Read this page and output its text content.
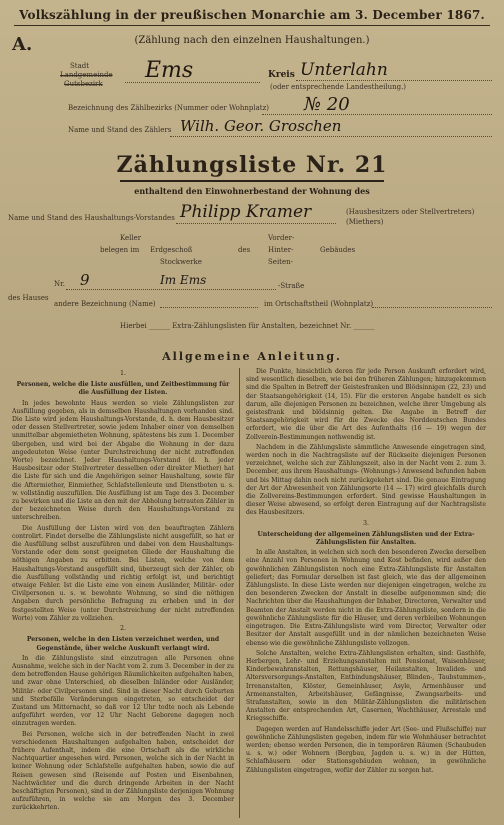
Volkszählung in der preußischen Monarchie am 3. December 1867.
A.	(Zählung nach den einzelnen Haushaltungen.)
Stadt
Landgemeinde
Gutsbezirk
Ems	Kreis Unterlahn
(oder entsprechende Landestheilung.)
Bezeichnung des Zählbezirks (Nummer oder Wohnplatz) № 20
Name und Stand des Zählers Wilh. Geor. Groschen
Zählungsliste Nr. 21
enthaltend den Einwohnerbestand der Wohnung des
Name und Stand des Haushaltungs-Vorstandes Philipp Kramer	(Hausbesitzers oder Stellvertreters)
(Miethers)
Keller
belegen im Erdgeschoß
Stockwerke
des
Vorder-
Hinter-
Seiten-
Gebäudes
des Hauses
Nr. 9	Im Ems	-Straße
andere Bezeichnung (Name)	im Ortschaftstheil (Wohnplatz)
Hierbei ______ Extra-Zählungslisten für Anstalten, bezeichnet Nr. ______
Allgemeine Anleitung.
1.
Personen, welche die Liste ausfüllen, und Zeitbestimmung für die Ausfüllung der Listen.

In jedes bewohnte Haus werden so viele Zählungslisten zur Ausfüllung gegeben, als in demselben Haushaltungen vorhanden sind. Die Liste wird jedem Haushaltungs-Vorstande, d. h. dem Hausbesitzer oder dessen Stellvertreter, sowie jedem Inhaber einer von demselben unmittelbar abgemietheten Wohnung, spätestens bis zum 1. December übergeben, und wird bei der Abgabe die Wohnung in der dazu angedeuteten Weise (unter Durchstreichung der nicht zutreffenden Worte) bezeichnet. Jeder Haushaltungs-Vorstand (d. h. jeder Hausbesitzer oder Stellvertreter desselben oder direkter Miether) hat die Liste für sich und die Angehörigen seiner Haushaltung, sowie für die Aftermiether, Einmiether, Schlafstellenleute und Dienstboten u. s. w. vollständig auszufüllen. Die Ausfüllung ist am Tage des 3. December zu bewirken und die Liste an den mit der Abholung betrauten Zähler in der bezeichneten Weise durch den Haushaltungs-Vorstand zu unterschreiben.

Die Ausfüllung der Listen wird von den beauftragten Zählern controlirt. Findet derselbe die Zählungsliste nicht ausgefüllt, so hat er die Ausfüllung selbst auszuführen und dabei von dem Haushaltungs-Vorstande oder dem sonst geeigneten Gliede der Haushaltung die nöthigen Angaben zu erbitten. Bei Listen, welche von dem Haushaltungs-Vorstand ausgefüllt sind, überzeugt sich der Zähler, ob die Ausfüllung vollständig und richtig erfolgt ist, und berichtigt etwaige Fehler. Ist die Liste eine von einem Ausländer, Militär- oder Civilpersonen u. s. w. bewohnte Wohnung, so sind die nöthigen Angaben durch persönliche Befragung zu erheben und in der festgestellten Weise (unter Durchstreichung der nicht zutreffenden Worte) vom Zähler zu vollziehen.

2.
Personen, welche in den Listen verzeichnet werden, und Gegenstände, über welche Auskunft verlangt wird.

In die Zählungsliste sind einzutragen alle Personen ohne Ausnahme, welche sich in der Nacht vom 2. zum 3. December in der zu dem betreffenden Hause gehörigen Räumlichkeiten aufgehalten haben, und zwar ohne Unterschied, ob dieselben Inländer oder Ausländer, Militär- oder Civilpersonen sind. Sind in dieser Nacht durch Geburten und Sterbefälle Veränderungen eingetreten, so entscheidet der Zustand um Mitternacht, so daß vor 12 Uhr todte noch als Lebende aufgeführt werden, vor 12 Uhr Nacht Geborene dagegen noch einzutragen werden.

Bei Personen, welche sich in der betreffenden Nacht in zwei verschiedenen Haushaltungen aufgehalten haben, entscheidet der frühere Aufenthalt, indem die eine Ortschaft als die wirkliche Nachtquartier angesehen wird. Personen, welche sich in der Nacht in keiner Wohnung oder Schlafstelle aufgehalten haben, sowie die auf Reisen gewesen sind (Reisende auf Posten und Eisenbahnen, Nachtwächter und die durch dringende Arbeiten in der Nacht beschäftigten Personen), sind in der Zählungsliste derjenigen Wohnung aufzuführen, in welche sie am Morgen des 3. December zurückkehrten.

Die Punkte, hinsichtlich deren für jede Person Auskunft erfordert wird, sind wesentlich dieselben, wie bei den früheren Zählungen; hinzugekommen sind die Spalten in Betreff der Geistesfranken und Blödsinnigen (22, 23) und der Staatsangehörigkeit (14, 15). Für die ersteren Angabe handelt es sich darum, alle diejenigen Personen zu bezeichnen, welche ihrer Umgebung als geistesfrank und blödsinnig gelten. Die Angabe in Betreff der Staatsangehörigkeit wird für die Zwecke des Norddeutschen Bundes erfordert, wie die über die Art des Aufenthalts (16 — 19) wegen der Zollverein-Bestimmungen nothwendig ist.

Nachdem in die Zählungsliste sämmtliche Anwesende eingetragen sind, werden noch in die Nachtragsliste auf der Rückseite diejenigen Personen verzeichnet, welche sich zur Zählungszeit, also in der Nacht vom 2. zum 3. December, aus ihrem Haushaltungs- (Wohnungs-) Anwesend befunden haben und bis Mittag dahin noch nicht zurückgekehrt sind. Die genaue Eintragung der Art der Abwesenheit von Zählungsorte (14 — 17) wird gleichfalls durch die Zollvereins-Bestimmungen erfordert. Sind gewisse Haushaltungen in dieser Weise abwesend, so erfolgt deren Eintragung auf der Nachtragsliste des Hausbesitzers.

3.
Unterscheidung der allgemeinen Zählungslisten und der Extra-Zählungslisten für Anstalten.

In alle Anstalten, in welchen sich noch den besonderen Zwecke derselben eine Anzahl von Personen in Wohnung und Kost befinden, wird außer den gewöhnlichen Zählungslisten noch eine Extra-Zählungsliste für Anstalten geliefert; das Formular derselben ist fast gleich, wie das der allgemeinen Zählungsliste. In diese Liste werden nur diejenigen eingetragen, welche zu den besonderen Zwecken der Anstalt in dieselbe aufgenommen sind; die Nachrichten über die Haushaltungen der Inhaber, Directoren, Verwalter und Beamten der Anstalt werden nicht in die Extra-Zählungsliste, sondern in die gewöhnliche Zählungsliste für die Häuser, und deren verbleiben Wohnungen eingetragen. Die Extra-Zählungsliste wird vom Director, Verwalter oder Besitzer der Anstalt ausgefüllt und in der nämlichen bezeichneten Weise ebenso wie die gewöhnliche Zählungsliste vollzogen.

Solche Anstalten, welche Extra-Zählungslisten erhalten, sind: Gasthöfe, Herbergen, Lehr- und Erziehungsanstalten mit Pensionat, Waisenhäuser, Kinderbewahranstalten, Rettungshäuser, Heilanstalten, Invaliden- und Altersversorgungs-Anstalten, Entbindungshäuser, Blinden-, Taubstummen-, Irrenanstalten, Klöster, Gemeinhäuser, Asyle, Armenhäuser und Armenanstalten, Arbeitshäuser, Gefängnisse, Zwangsarbeits- und Strafanstalten, sowie in den Militär-Zählungslisten die militärischen Anstalten der entsprechenden Art, Casernen, Wachthäuser, Arrestale und Kriegsschiffe.

Dagegen werden auf Handelsschiffe jeder Art (See- und Flußschiffe) nur gewöhnliche Zählungslisten gegeben, indem für wie Wohnhäuser betrachtet werden; ebenso werden Personen, die in temporären Räumen (Schaubuden u. s. w.) oder Wohnern (Bergbau, Jagden u. s. w.) in der Hütten, Schlafhäusern oder Stationsgebäuden wohnen, in gewöhnliche Zählungslisten eingetragen, wofür der Zähler zu sorgen hat.
